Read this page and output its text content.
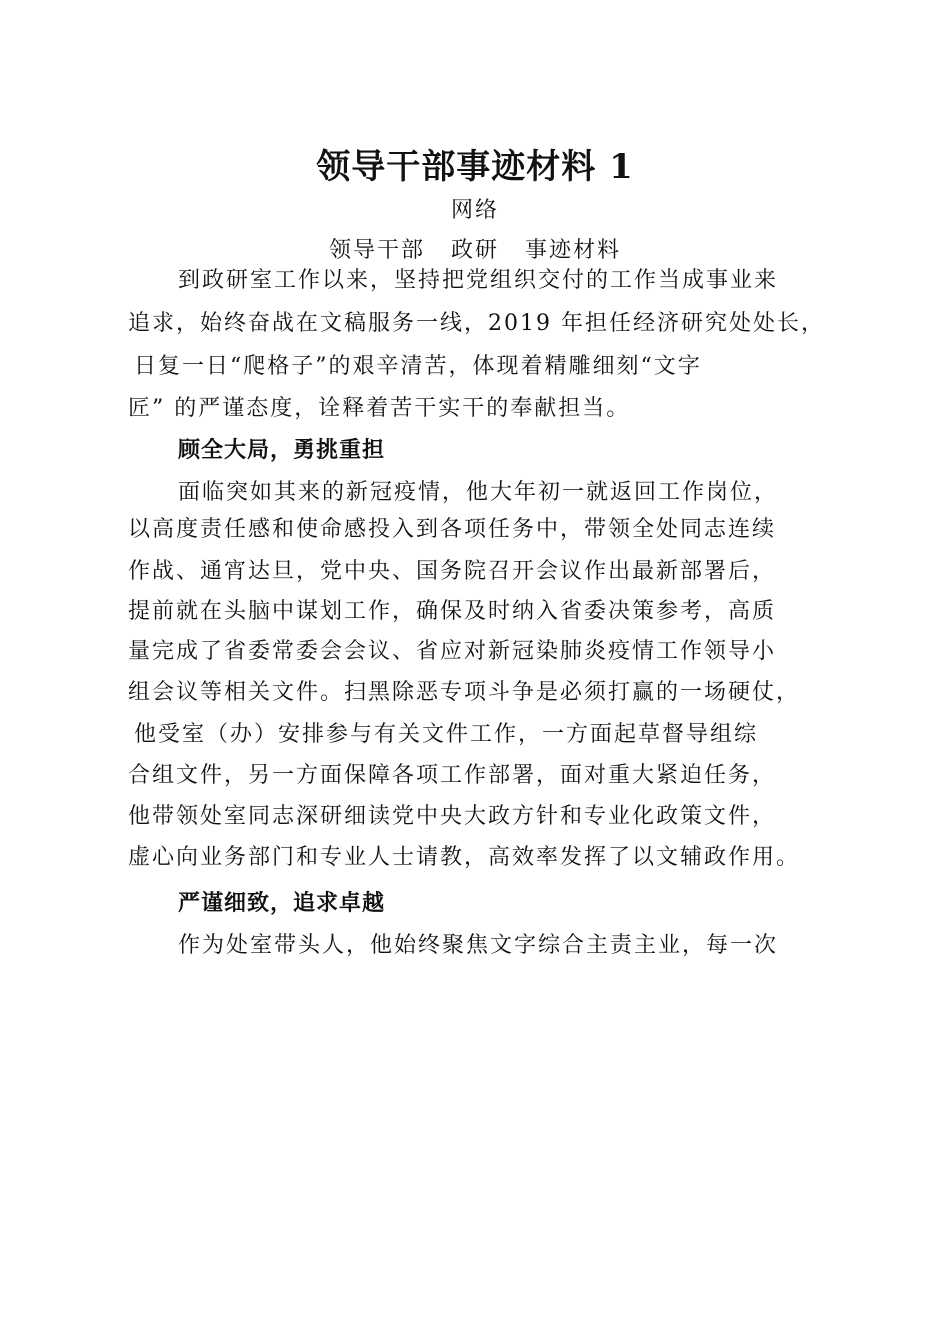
领导干部事迹材料 1
网络
领导干部 政研 事迹材料
到政研室工作以来，坚持把党组织交付的工作当成事业来
追求，始终奋战在文稿服务一线，2019 年担任经济研究处处长，
日复一日“爬格子”的艰辛清苦，体现着精雕细刻“文字
匠” 的严谨态度，诠释着苦干实干的奉献担当。
顾全大局，勇挑重担
面临突如其来的新冠疫情，他大年初一就返回工作岗位，
以高度责任感和使命感投入到各项任务中，带领全处同志连续
作战、通宵达旦，党中央、国务院召开会议作出最新部署后，
提前就在头脑中谋划工作，确保及时纳入省委决策参考，高质
量完成了省委常委会会议、省应对新冠染肺炎疫情工作领导小
组会议等相关文件。扫黑除恶专项斗争是必须打赢的一场硬仗，
他受室（办）安排参与有关文件工作，一方面起草督导组综
合组文件，另一方面保障各项工作部署，面对重大紧迫任务，
他带领处室同志深研细读党中央大政方针和专业化政策文件，
虚心向业务部门和专业人士请教，高效率发挥了以文辅政作用。
严谨细致，追求卓越
作为处室带头人，他始终聚焦文字综合主责主业，每一次
